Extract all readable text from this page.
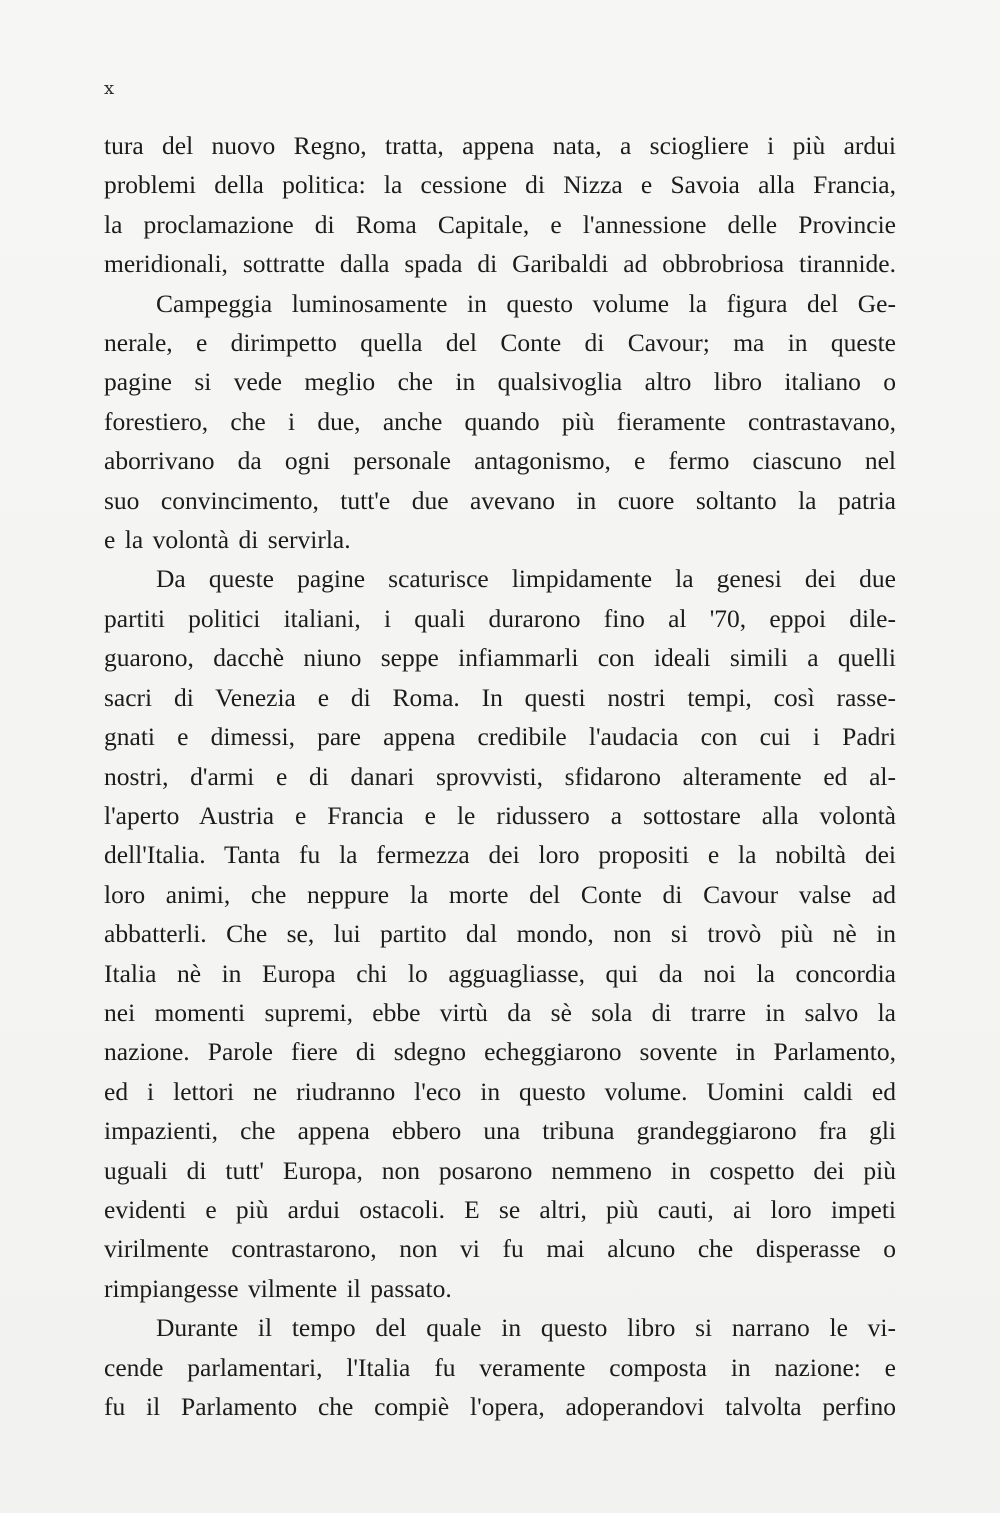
x

tura del nuovo Regno, tratta, appena nata, a sciogliere i più ardui
problemi della politica: la cessione di Nizza e Savoia alla Francia,
la proclamazione di Roma Capitale, e l'annessione delle Provincie
meridionali, sottratte dalla spada di Garibaldi ad obbrobriosa tirannide.

Campeggia luminosamente in questo volume la figura del Ge-
nerale, e dirimpetto quella del Conte di Cavour; ma in queste
pagine si vede meglio che in qualsivoglia altro libro italiano o
forestiero, che i due, anche quando più fieramente contrastavano,
aborrivano da ogni personale antagonismo, e fermo ciascuno nel
suo convincimento, tutt'e due avevano in cuore soltanto la patria
e la volontà di servirla.

Da queste pagine scaturisce limpidamente la genesi dei due
partiti politici italiani, i quali durarono fino al '70, eppoi dile-
guarono, dacchè niuno seppe infiammarli con ideali simili a quelli
sacri di Venezia e di Roma. In questi nostri tempi, così rasse-
gnati e dimessi, pare appena credibile l'audacia con cui i Padri
nostri, d'armi e di danari sprovvisti, sfidarono alteramente ed al-
l'aperto Austria e Francia e le ridussero a sottostare alla volontà
dell'Italia. Tanta fu la fermezza dei loro propositi e la nobiltà dei
loro animi, che neppure la morte del Conte di Cavour valse ad
abbatterli. Che se, lui partito dal mondo, non si trovò più nè in
Italia nè in Europa chi lo agguagliasse, qui da noi la concordia
nei momenti supremi, ebbe virtù da sè sola di trarre in salvo la
nazione. Parole fiere di sdegno echeggiarono sovente in Parlamento,
ed i lettori ne riudranno l'eco in questo volume. Uomini caldi ed
impazienti, che appena ebbero una tribuna grandeggiarono fra gli
uguali di tutt' Europa, non posarono nemmeno in cospetto dei più
evidenti e più ardui ostacoli. E se altri, più cauti, ai loro impeti
virilmente contrastarono, non vi fu mai alcuno che disperasse o
rimpiangesse vilmente il passato.

Durante il tempo del quale in questo libro si narrano le vi-
cende parlamentari, l'Italia fu veramente composta in nazione: e
fu il Parlamento che compiè l'opera, adoperandovi talvolta perfino
